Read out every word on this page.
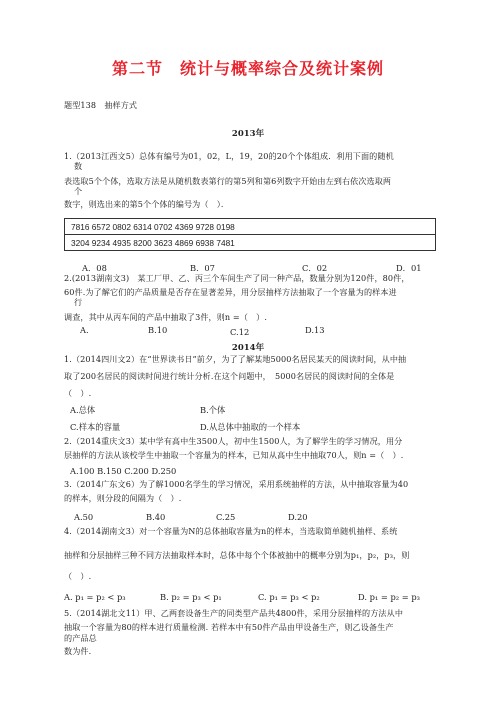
第二节　统计与概率综合及统计案例
题型138　抽样方式
2013年
1.（2013江西文5）总体有编号为01，02，L，19，20的20个个体组成．利用下面的随机
数
表选取5个个体，选取方法是从随机数表第行的第5列和第6列数字开始由左到右依次选取两
个
数字，则选出来的第5个个体的编号为（　）．
7816 6572 0802 6314 0702 4369 9728 0198
3204 9234 4935 8200 3623 4869 6938 7481
A．08	B．07	C．02	D．01
2.(2013湖南文3)　某工厂甲、乙、丙三个车间生产了同一种产品，数量分别为120件，80件，
60件.为了解它们的产品质量是否存在显著差异，用分层抽样方法抽取了一个容量为的样本进
行
调查，其中从丙车间的产品中抽取了3件，则n =（　）.
A.	B.10	C.12	D.13
2014年
1.（2014四川文2）在“世界读书日”前夕，为了了解某地5000名居民某天的阅读时间，从中抽
取了200名居民的阅读时间进行统计分析.在这个问题中，　5000名居民的阅读时间的全体是
（　）.
A.总体	B.个体
C.样本的容量	D.从总体中抽取的一个样本
2.（2014重庆文3）某中学有高中生3500人，初中生1500人，为了解学生的学习情况，用分
层抽样的方法从该校学生中抽取一个容量为的样本，已知从高中生中抽取70人，则n =（　）.
A.100 B.150 C.200 D.250
3.（2014广东文6）为了解1000名学生的学习情况，采用系统抽样的方法，从中抽取容量为40
的样本，则分段的间隔为（　）.
A.50	B.40	C.25	D.20
4.（2014湖南文3）对一个容量为N的总体抽取容量为n的样本，当选取简单随机抽样、系统
抽样和分层抽样三种不同方法抽取样本时，总体中每个个体被抽中的概率分别为p₁，p₂，p₃，则
（　）.
A. p₁ = p₂ < p₃	B. p₂ = p₃ < p₁	C. p₁ = p₃ < p₂	D. p₁ = p₂ = p₃
5.（2014湖北文11）甲、乙两套设备生产的同类型产品共4800件，采用分层抽样的方法从中
抽取一个容量为80的样本进行质量检测. 若样本中有50件产品由甲设备生产，则乙设备生产
的产品总
数为件.
